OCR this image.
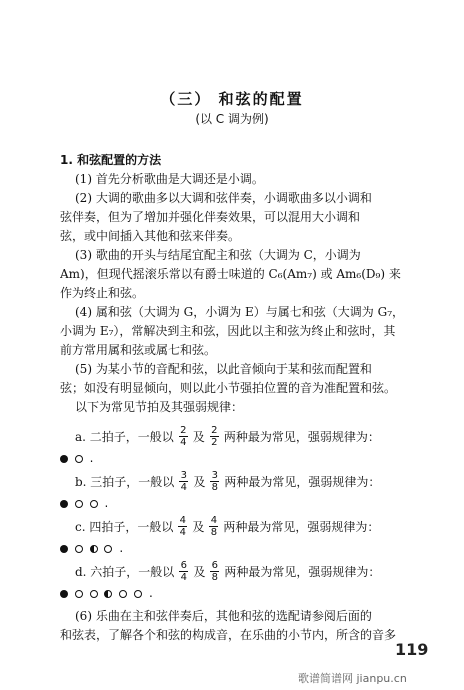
（三） 和弦的配置
(以 C 调为例)
1. 和弦配置的方法
(1) 首先分析歌曲是大调还是小调。
(2) 大调的歌曲多以大调和弦伴奏，小调歌曲多以小调和
弦伴奏，但为了增加并强化伴奏效果，可以混用大小调和
弦，或中间插入其他和弦来伴奏。
(3) 歌曲的开头与结尾宜配主和弦（大调为 C，小调为
Am)，但现代摇滚乐常以有爵士味道的 C₆(Am₇) 或 Am₆(D₉) 来
作为终止和弦。
(4) 属和弦（大调为 G，小调为 E）与属七和弦（大调为 G₇，
小调为 E₇），常解决到主和弦，因此以主和弦为终止和弦时，其
前方常用属和弦或属七和弦。
(5) 为某小节的音配和弦，以此音倾向于某和弦而配置和
弦；如没有明显倾向，则以此小节强拍位置的音为准配置和弦。
以下为常见节拍及其强弱规律：
a. 二拍子，一般以 $\frac{2}{4}$ 及 $\frac{2}{2}$ 两种最为常见，强弱规律为：
.
b. 三拍子，一般以 $\frac{3}{4}$ 及 $\frac{3}{8}$ 两种最为常见，强弱规律为：
.
c. 四拍子，一般以 $\frac{4}{4}$ 及 $\frac{4}{8}$ 两种最为常见，强弱规律为：
.
d. 六拍子，一般以 $\frac{6}{4}$ 及 $\frac{6}{8}$ 两种最为常见，强弱规律为：
.
(6) 乐曲在主和弦伴奏后，其他和弦的选配请参阅后面的
和弦表，了解各个和弦的构成音，在乐曲的小节内，所含的音多
119
歌谱简谱网 jianpu.cn
